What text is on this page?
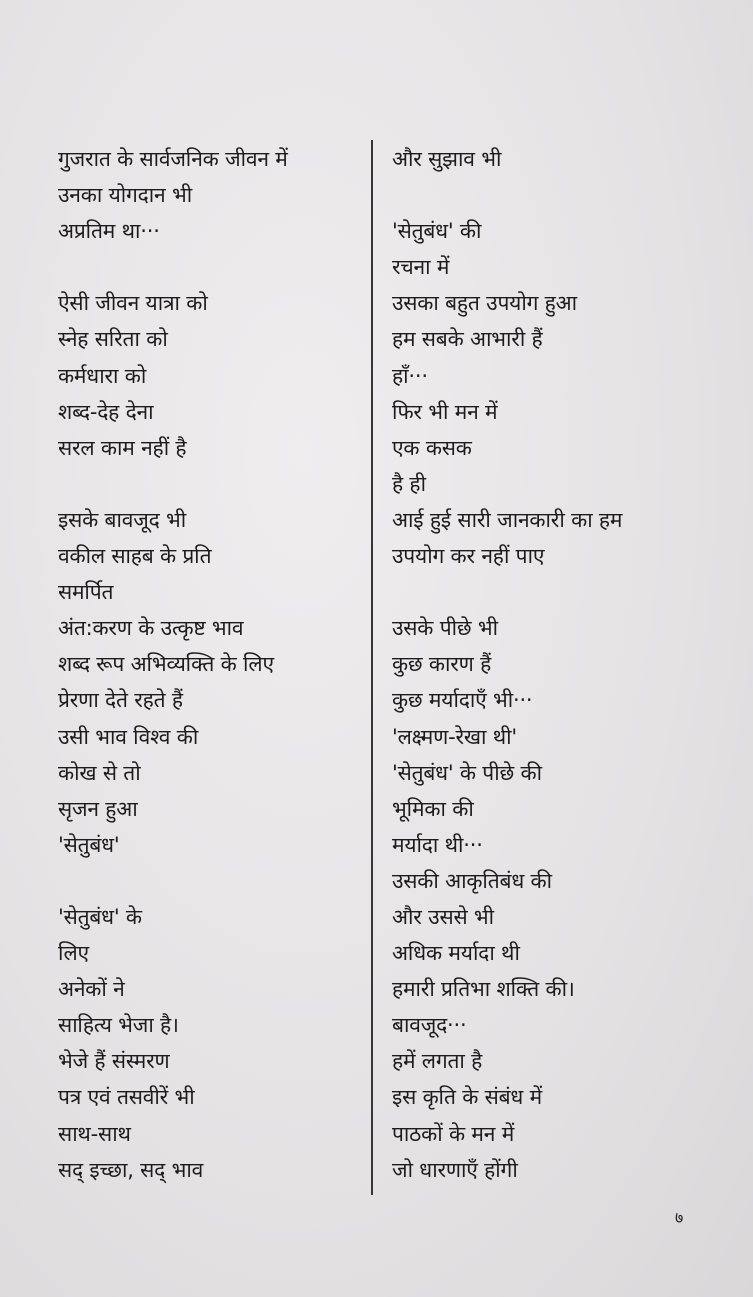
गुजरात के सार्वजनिक जीवन में
उनका योगदान भी
अप्रतिम था···
ऐसी जीवन यात्रा को
स्नेह सरिता को
कर्मधारा को
शब्द-देह देना
सरल काम नहीं है
इसके बावजूद भी
वकील साहब के प्रति
समर्पित
अंत:करण के उत्कृष्ट भाव
शब्द रूप अभिव्यक्ति के लिए
प्रेरणा देते रहते हैं
उसी भाव विश्व की
कोख से तो
सृजन हुआ
'सेतुबंध'
'सेतुबंध' के
लिए
अनेकों ने
साहित्य भेजा है।
भेजे हैं संस्मरण
पत्र एवं तसवीरें भी
साथ-साथ
सद् इच्छा, सद् भाव
और सुझाव भी
'सेतुबंध' की
रचना में
उसका बहुत उपयोग हुआ
हम सबके आभारी हैं
हाँ···
फिर भी मन में
एक कसक
है ही
आई हुई सारी जानकारी का हम
उपयोग कर नहीं पाए
उसके पीछे भी
कुछ कारण हैं
कुछ मर्यादाएँ भी···
'लक्ष्मण-रेखा थी'
'सेतुबंध' के पीछे की
भूमिका की
मर्यादा थी···
उसकी आकृतिबंध की
और उससे भी
अधिक मर्यादा थी
हमारी प्रतिभा शक्ति की।
बावजूद···
हमें लगता है
इस कृति के संबंध में
पाठकों के मन में
जो धारणाएँ होंगी
७
